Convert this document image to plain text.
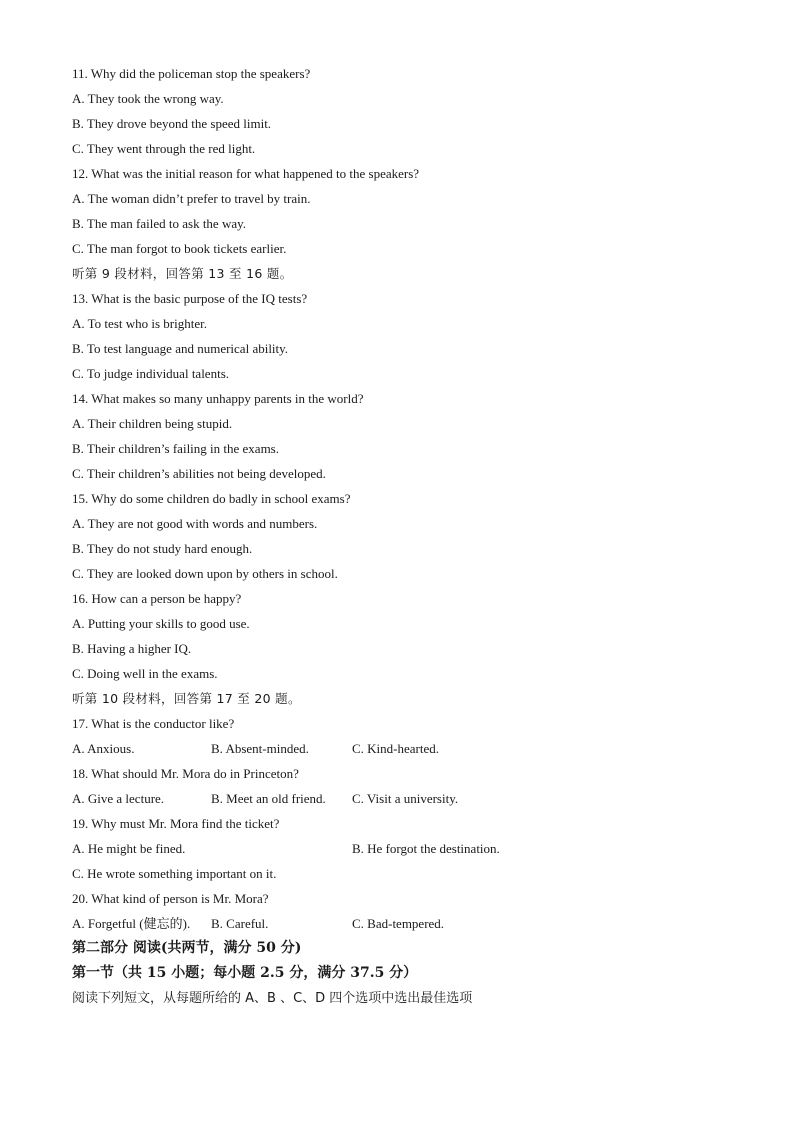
11. Why did the policeman stop the speakers?
A. They took the wrong way.
B. They drove beyond the speed limit.
C. They went through the red light.
12. What was the initial reason for what happened to the speakers?
A. The woman didn’t prefer to travel by train.
B. The man failed to ask the way.
C. The man forgot to book tickets earlier.
听第 9 段材料，回答第 13 至 16 题。
13. What is the basic purpose of the IQ tests?
A. To test who is brighter.
B. To test language and numerical ability.
C. To judge individual talents.
14. What makes so many unhappy parents in the world?
A. Their children being stupid.
B. Their children’s failing in the exams.
C. Their children’s abilities not being developed.
15. Why do some children do badly in school exams?
A. They are not good with words and numbers.
B. They do not study hard enough.
C. They are looked down upon by others in school.
16. How can a person be happy?
A. Putting your skills to good use.
B. Having a higher IQ.
C. Doing well in the exams.
听第 10 段材料，回答第 17 至 20 题。
17. What is the conductor like?
A. Anxious.	B. Absent-minded.	C. Kind-hearted.
18. What should Mr. Mora do in Princeton?
A. Give a lecture.	B. Meet an old friend. C. Visit a university.
19. Why must Mr. Mora find the ticket?
A. He might be fined.	B. He forgot the destination.
C. He wrote something important on it.
20. What kind of person is Mr. Mora?
A. Forgetful (健忘的). B. Careful.	C. Bad-tempered.
第二部分 阅读(共两节，满分 50 分)
第一节（共 15 小题；每小题 2.5 分，满分 37.5 分）
阅读下列短文，从每题所给的 A、B 、C、D 四个选项中选出最佳选项
